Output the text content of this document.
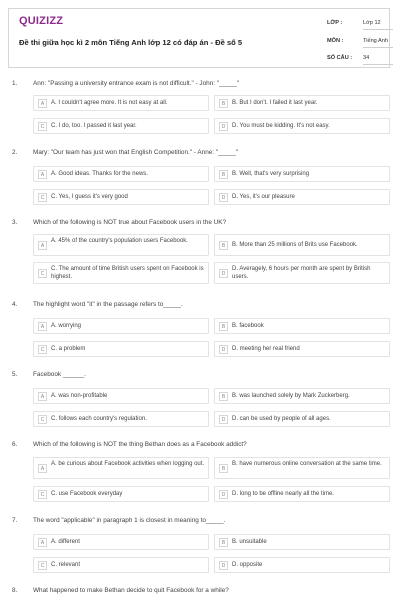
QUIZIZZ
Đề thi giữa học kì 2 môn Tiếng Anh lớp 12 có đáp án - Đề số 5
LỚP :	Lớp 12
MÔN :	Tiếng Anh
SỐ CÂU : 34
1. Ann: "Passing a university entrance exam is not difficult." - John: "_____"
A	A. I couldn't agree more. It is not easy at all.	B	B. But I don't. I failed it last year.
C	C. I do, too. I passed it last year.	D	D. You must be kidding. It's not easy.
2. Mary: "Our team has just won that English Competition." - Anne: "_____"
A	A. Good ideas. Thanks for the news.	B	B. Well, that's very surprising
C	C. Yes, I guess it's very good	D	D. Yes, it's our pleasure
3. Which of the following is NOT true about Facebook users in the UK?
A
A. 45% of the country's population users Facebook.
B	B. More than 25 millions of Brits use Facebook.
C
C. The amount of time British users spent on Facebook is highest.	D
D. Averagely, 6 hours per month are spent by British users.
4. The highlight word "it" in the passage refers to_____.
A	A. worrying	B	B. facebook
C	C. a problem	D	D. meeting her real friend
5. Facebook ______.
A	A. was non-profitable	B	B. was launched solely by Mark Zuckerberg.
C	C. follows each country's regulation.	D	D. can be used by people of all ages.
6. Which of the following is NOT the thing Bethan does as a Facebook addict?
A
A. be curious about Facebook activities when logging out.
B
B. have numerous online conversation at the same time.
C	C. use Facebook everyday	D	D. long to be offline nearly all the time.
7. The word "applicable" in paragraph 1 is closest in meaning to_____.
A	A. different	B	B. unsuitable
C	C. relevant	D	D. opposite
8. What happened to make Bethan decide to quit Facebook for a while?
